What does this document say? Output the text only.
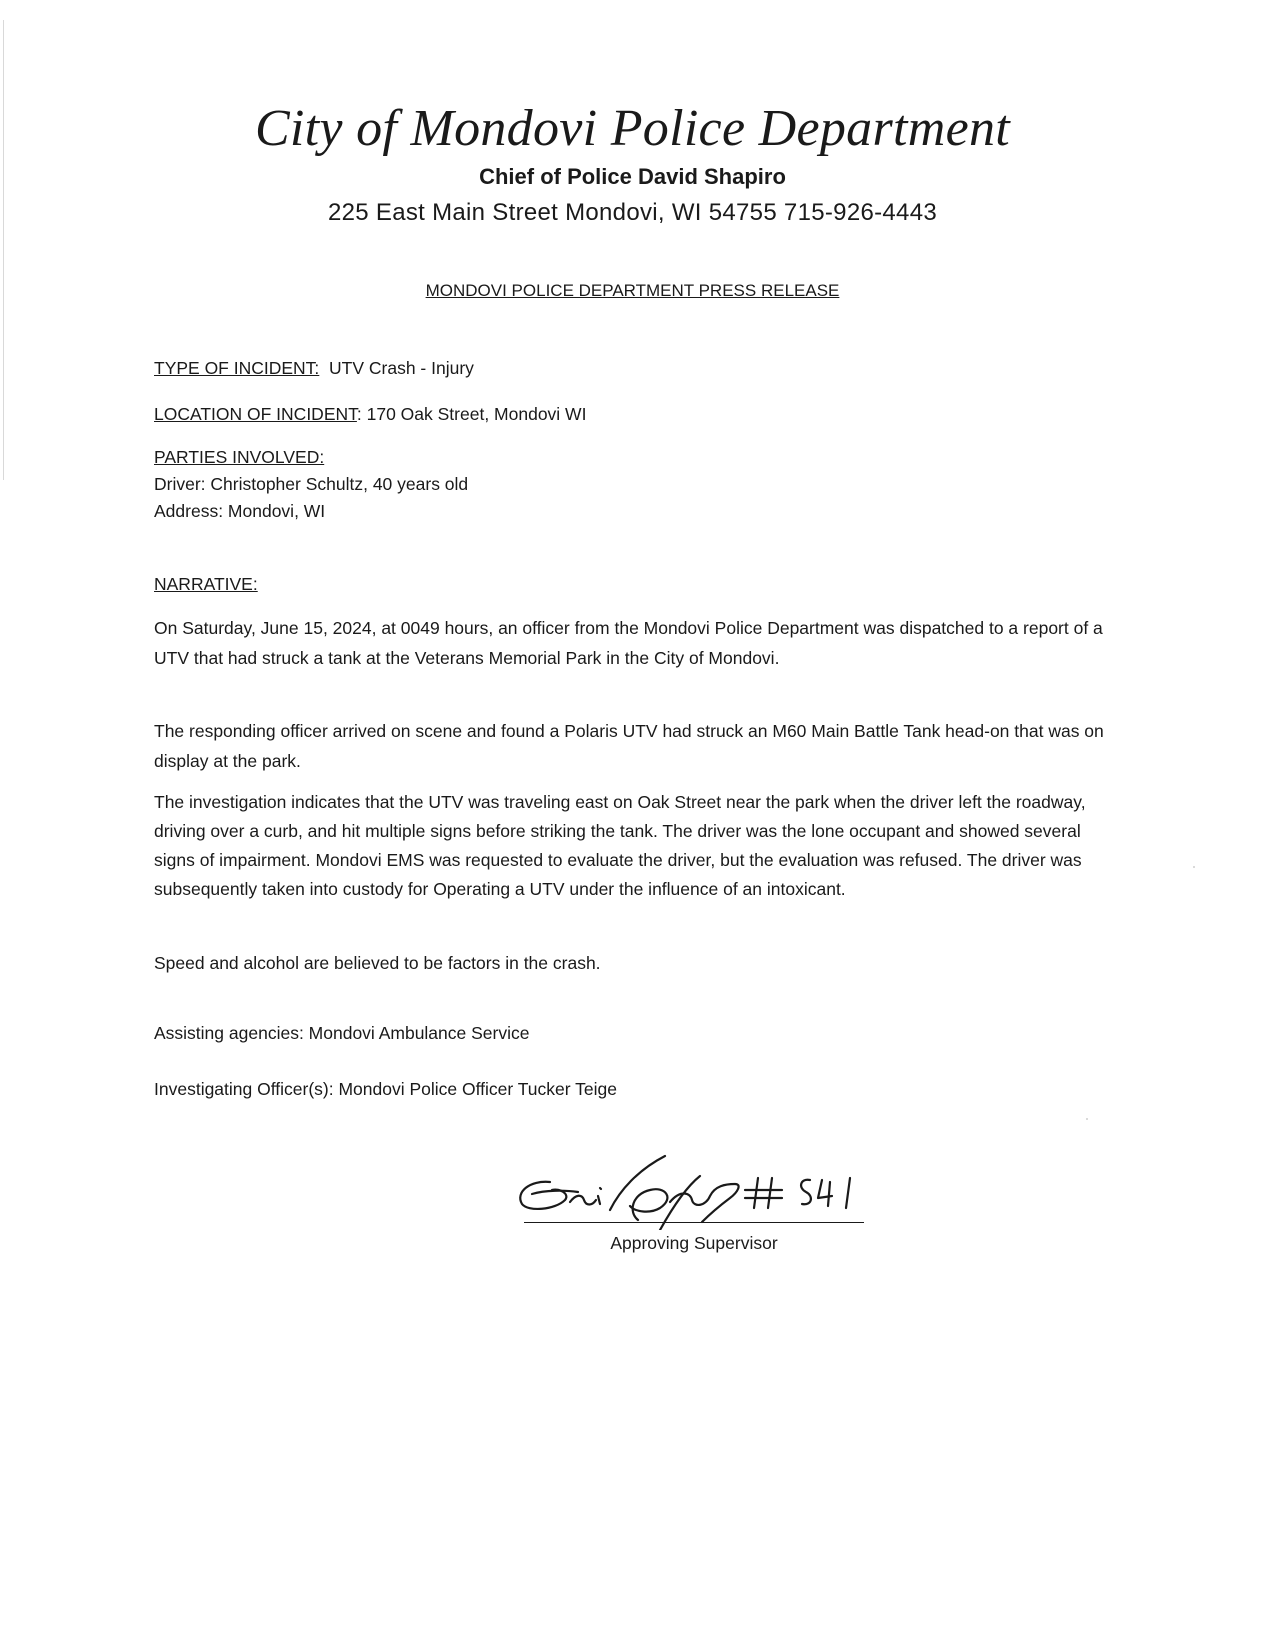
City of Mondovi Police Department
Chief of Police David Shapiro
225 East Main Street Mondovi, WI 54755 715-926-4443
MONDOVI POLICE DEPARTMENT PRESS RELEASE
TYPE OF INCIDENT: UTV Crash - Injury
LOCATION OF INCIDENT: 170 Oak Street, Mondovi WI
PARTIES INVOLVED:
Driver: Christopher Schultz, 40 years old
Address: Mondovi, WI
NARRATIVE:
On Saturday, June 15, 2024, at 0049 hours, an officer from the Mondovi Police Department was dispatched to a report of a UTV that had struck a tank at the Veterans Memorial Park in the City of Mondovi.
The responding officer arrived on scene and found a Polaris UTV had struck an M60 Main Battle Tank head-on that was on display at the park.
The investigation indicates that the UTV was traveling east on Oak Street near the park when the driver left the roadway, driving over a curb, and hit multiple signs before striking the tank. The driver was the lone occupant and showed several signs of impairment. Mondovi EMS was requested to evaluate the driver, but the evaluation was refused. The driver was subsequently taken into custody for Operating a UTV under the influence of an intoxicant.
Speed and alcohol are believed to be factors in the crash.
Assisting agencies: Mondovi Ambulance Service
Investigating Officer(s): Mondovi Police Officer Tucker Teige
Approving Supervisor
